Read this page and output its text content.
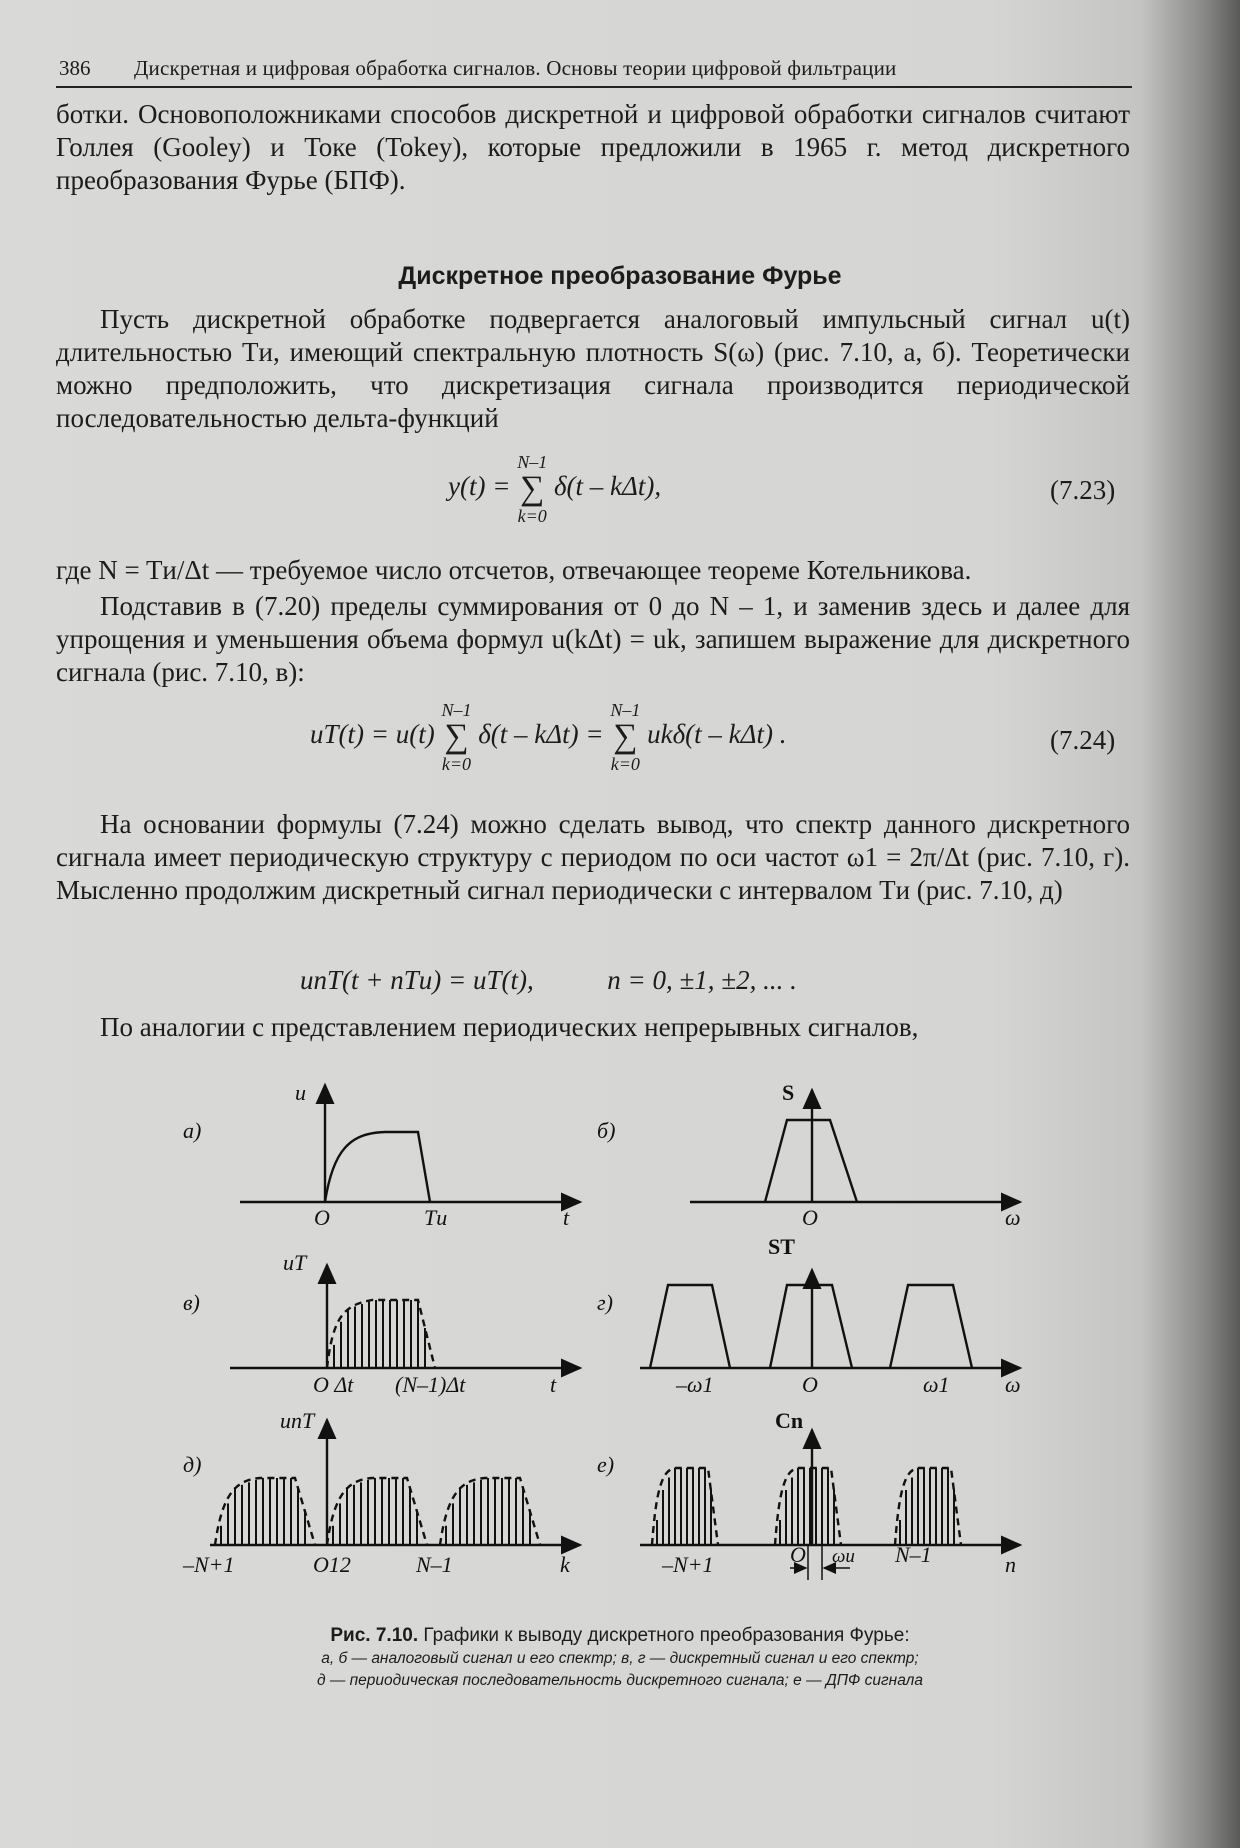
386 Дискретная и цифровая обработка сигналов. Основы теории цифровой фильтрации
ботки. Основоположниками способов дискретной и цифровой обработки сигналов считают Голлея (Gooley) и Токе (Tokey), которые предложили в 1965 г. метод дискретного преобразования Фурье (БПФ).
Дискретное преобразование Фурье
Пусть дискретной обработке подвергается аналоговый импульсный сигнал u(t) длительностью Tи, имеющий спектральную плотность S(ω) (рис. 7.10, а, б). Теоретически можно предположить, что дискретизация сигнала производится периодической последовательностью дельта-функций
y(t) =
N–1
∑
k=0
δ(t – kΔt),	(7.23)
где N = Tи/Δt — требуемое число отсчетов, отвечающее теореме Котельникова.
Подставив в (7.20) пределы суммирования от 0 до N – 1, и заменив здесь и далее для упрощения и уменьшения объема формул u(kΔt) = uk, запишем выражение для дискретного сигнала (рис. 7.10, в):
uT(t) = u(t)
N–1
∑
k=0
δ(t – kΔt) =
N–1
∑
k=0
ukδ(t – kΔt) .	(7.24)
На основании формулы (7.24) можно сделать вывод, что спектр данного дискретного сигнала имеет периодическую структуру с периодом по оси частот ω1 = 2π/Δt (рис. 7.10, г). Мысленно продолжим дискретный сигнал периодически с интервалом Tи (рис. 7.10, д)
unT(t + nTи) = uT(t),	n = 0, ±1, ±2, ... .
По аналогии с представлением периодических непрерывных сигналов,
а)	б)
в)	г)
д)	е)
u
t
O	Tи
S
ω
O
uT
t
O Δt (N–1)Δt
ST
ω
–ω1	O	ω1
unT
k
–N+1	O12	N–1
Cn
n
–N+1	O ωи N–1
Рис. 7.10. Графики к выводу дискретного преобразования Фурье:
а, б — аналоговый сигнал и его спектр; в, г — дискретный сигнал и его спектр;
д — периодическая последовательность дискретного сигнала; е — ДПФ сигнала
